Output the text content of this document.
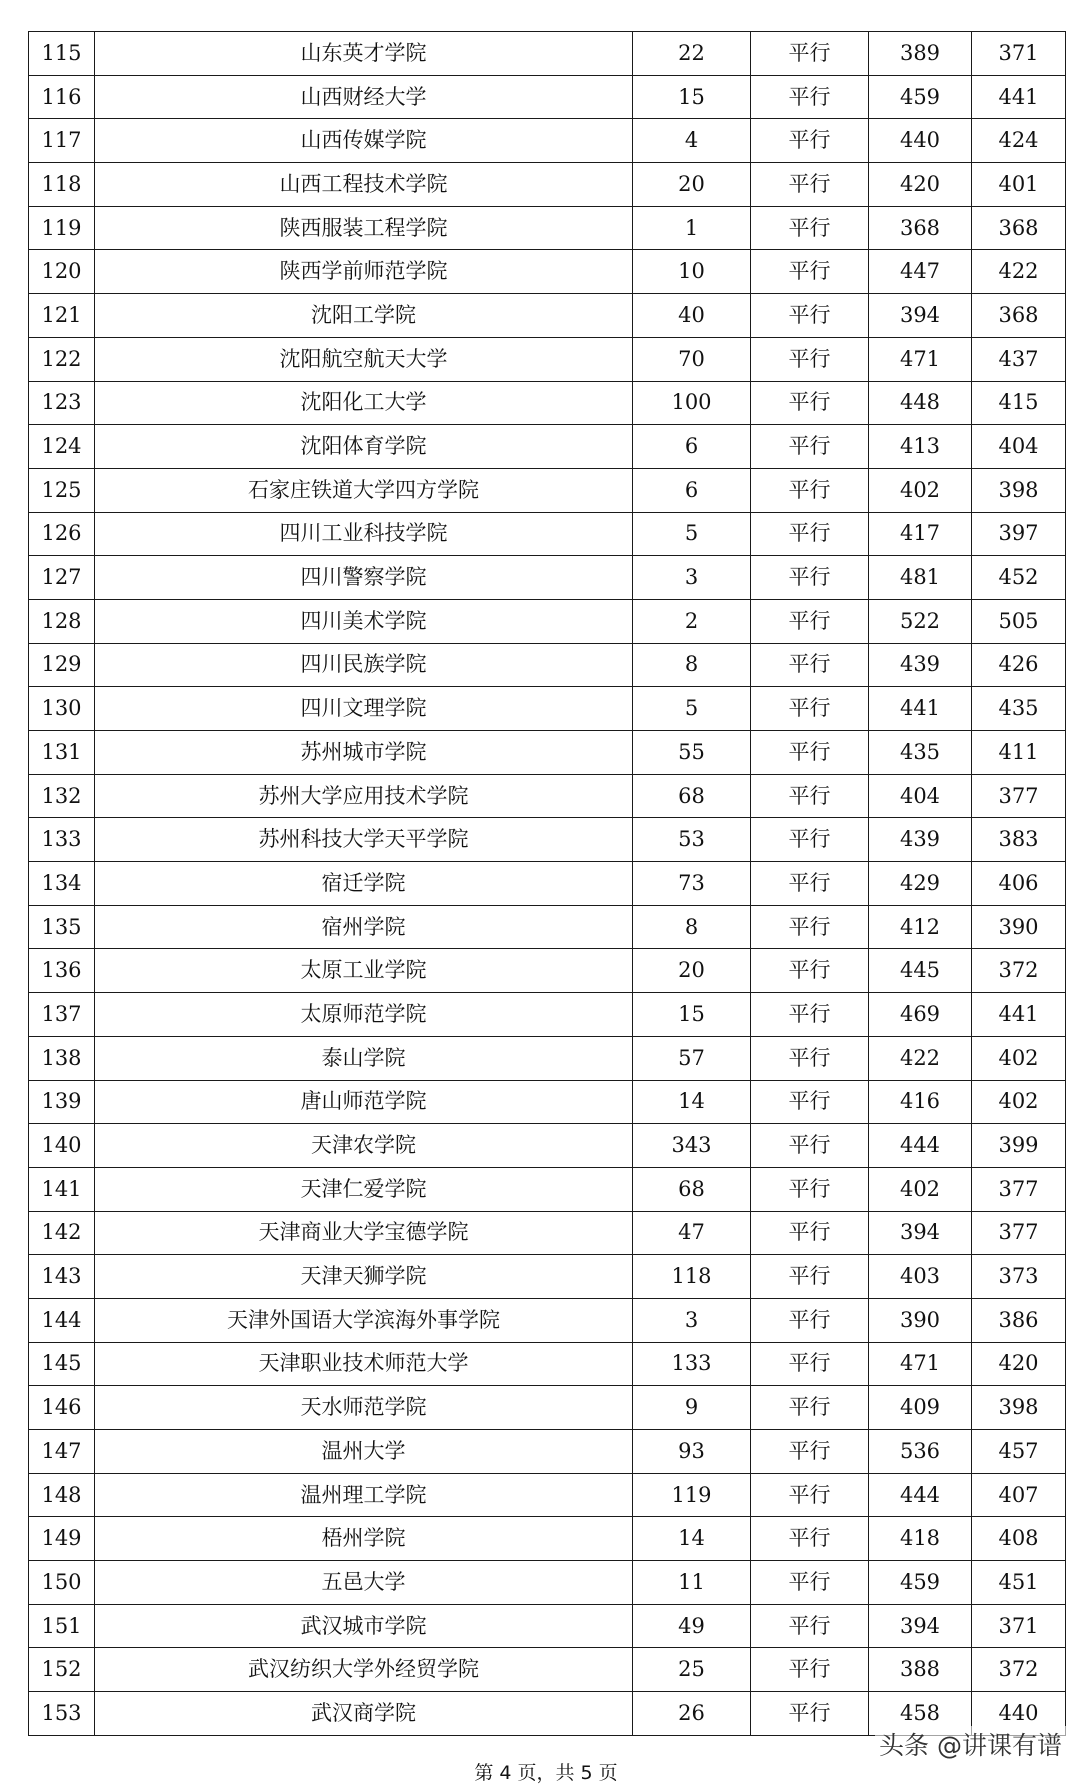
115	山东英才学院	22	平行	389	371
116	山西财经大学	15	平行	459	441
117	山西传媒学院	4	平行	440	424
118	山西工程技术学院	20	平行	420	401
119	陕西服装工程学院	1	平行	368	368
120	陕西学前师范学院	10	平行	447	422
121	沈阳工学院	40	平行	394	368
122	沈阳航空航天大学	70	平行	471	437
123	沈阳化工大学	100	平行	448	415
124	沈阳体育学院	6	平行	413	404
125	石家庄铁道大学四方学院	6	平行	402	398
126	四川工业科技学院	5	平行	417	397
127	四川警察学院	3	平行	481	452
128	四川美术学院	2	平行	522	505
129	四川民族学院	8	平行	439	426
130	四川文理学院	5	平行	441	435
131	苏州城市学院	55	平行	435	411
132	苏州大学应用技术学院	68	平行	404	377
133	苏州科技大学天平学院	53	平行	439	383
134	宿迁学院	73	平行	429	406
135	宿州学院	8	平行	412	390
136	太原工业学院	20	平行	445	372
137	太原师范学院	15	平行	469	441
138	泰山学院	57	平行	422	402
139	唐山师范学院	14	平行	416	402
140	天津农学院	343	平行	444	399
141	天津仁爱学院	68	平行	402	377
142	天津商业大学宝德学院	47	平行	394	377
143	天津天狮学院	118	平行	403	373
144	天津外国语大学滨海外事学院	3	平行	390	386
145	天津职业技术师范大学	133	平行	471	420
146	天水师范学院	9	平行	409	398
147	温州大学	93	平行	536	457
148	温州理工学院	119	平行	444	407
149	梧州学院	14	平行	418	408
150	五邑大学	11	平行	459	451
151	武汉城市学院	49	平行	394	371
152	武汉纺织大学外经贸学院	25	平行	388	372
153	武汉商学院	26	平行	458	440
第 4 页，共 5 页
头条 @讲课有谱
